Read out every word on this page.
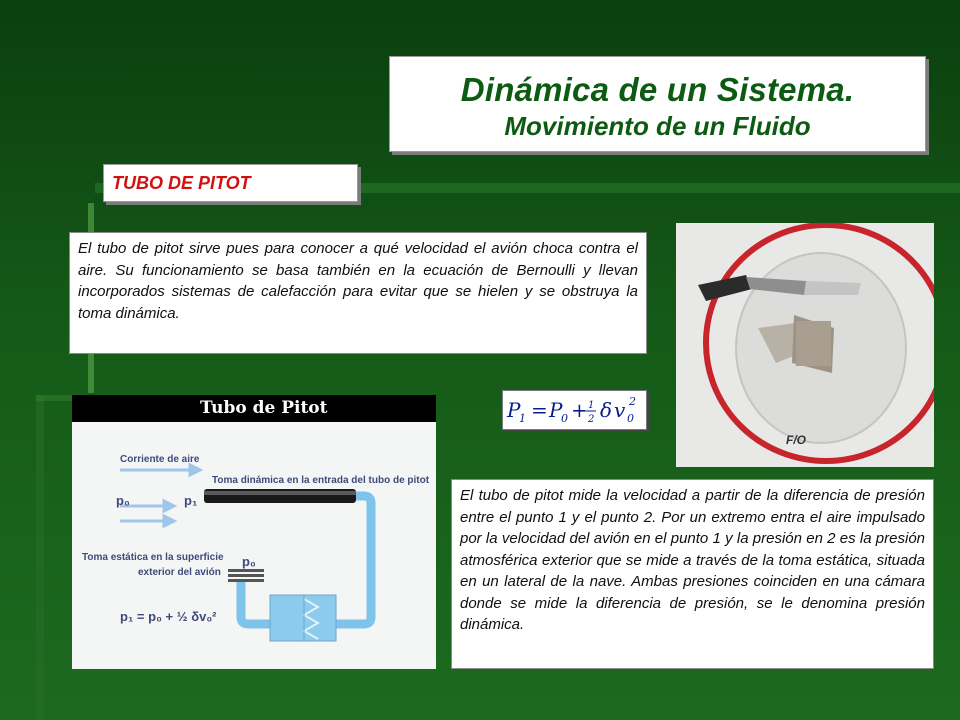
Dinámica de un Sistema.
Movimiento de un Fluido
TUBO DE PITOT
El tubo de pitot sirve pues para conocer a qué velocidad el avión choca contra el aire. Su funcionamiento se basa también en la ecuación de Bernoulli y llevan incorporados sistemas de calefacción para evitar que se hielen y se obstruya la toma dinámica.
Tubo de Pitot
Corriente de aire
Toma dinámica en la entrada del tubo de pitot
p₀	p₁
Toma estática en la superficie
exterior del avión
p₀
p₁ = p₀ + ½ δv₀²
P
1 = P
0 + 1
2 δ v 0
2
F/O
El tubo de pitot mide la velocidad a partir de la diferencia de presión entre el punto 1 y el punto 2. Por un extremo entra el aire impulsado por la velocidad del avión en el punto 1 y la presión en 2 es la presión atmosférica exterior que se mide a través de la toma estática, situada en un lateral de la nave. Ambas presiones coinciden en una cámara donde se mide la diferencia de presión, se le denomina presión dinámica.
